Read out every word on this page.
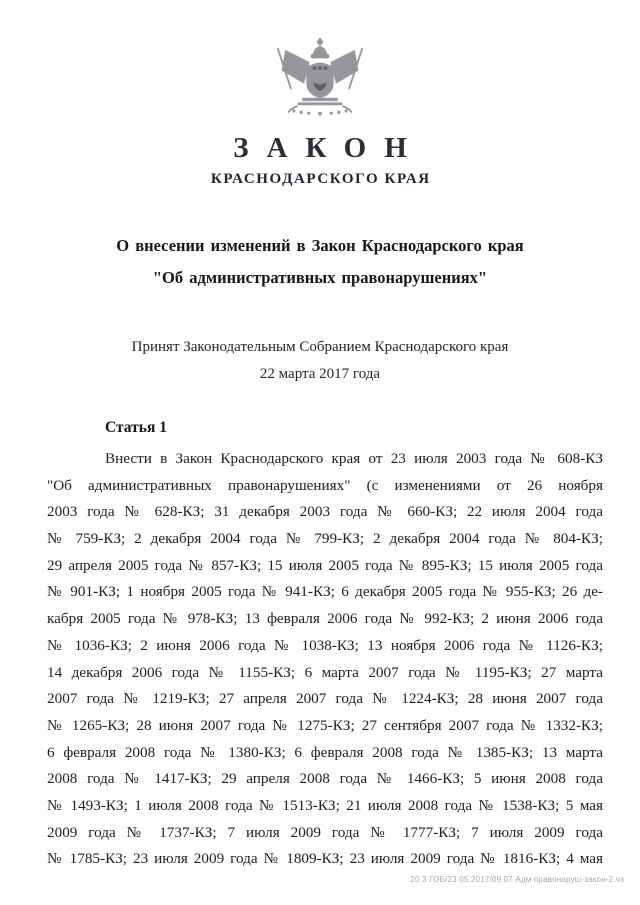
ЗАКОН
КРАСНОДАРСКОГО КРАЯ
О внесении изменений в Закон Краснодарского края
"Об административных правонарушениях"
Принят Законодательным Собранием Краснодарского края
22 марта 2017 года
Статья 1
Внести в Закон Краснодарского края от 23 июля 2003 года № 608-КЗ
"Об административных правонарушениях" (с изменениями от 26 ноября
2003 года № 628-КЗ; 31 декабря 2003 года № 660-КЗ; 22 июля 2004 года
№ 759-КЗ; 2 декабря 2004 года № 799-КЗ; 2 декабря 2004 года № 804-КЗ;
29 апреля 2005 года № 857-КЗ; 15 июля 2005 года № 895-КЗ; 15 июля 2005 года
№ 901-КЗ; 1 ноября 2005 года № 941-КЗ; 6 декабря 2005 года № 955-КЗ; 26 де-
кабря 2005 года № 978-КЗ; 13 февраля 2006 года № 992-КЗ; 2 июня 2006 года
№ 1036-КЗ; 2 июня 2006 года № 1038-КЗ; 13 ноября 2006 года № 1126-КЗ;
14 декабря 2006 года № 1155-КЗ; 6 марта 2007 года № 1195-КЗ; 27 марта
2007 года № 1219-КЗ; 27 апреля 2007 года № 1224-КЗ; 28 июня 2007 года
№ 1265-КЗ; 28 июня 2007 года № 1275-КЗ; 27 сентября 2007 года № 1332-КЗ;
6 февраля 2008 года № 1380-КЗ; 6 февраля 2008 года № 1385-КЗ; 13 марта
2008 года № 1417-КЗ; 29 апреля 2008 года № 1466-КЗ; 5 июня 2008 года
№ 1493-КЗ; 1 июля 2008 года № 1513-КЗ; 21 июля 2008 года № 1538-КЗ; 5 мая
2009 года № 1737-КЗ; 7 июля 2009 года № 1777-КЗ; 7 июля 2009 года
№ 1785-КЗ; 23 июля 2009 года № 1809-КЗ; 23 июля 2009 года № 1816-КЗ; 4 мая
20 3 ГОБ/23 05 2017/09 07 Адм правонаруш-закон-2 чз
